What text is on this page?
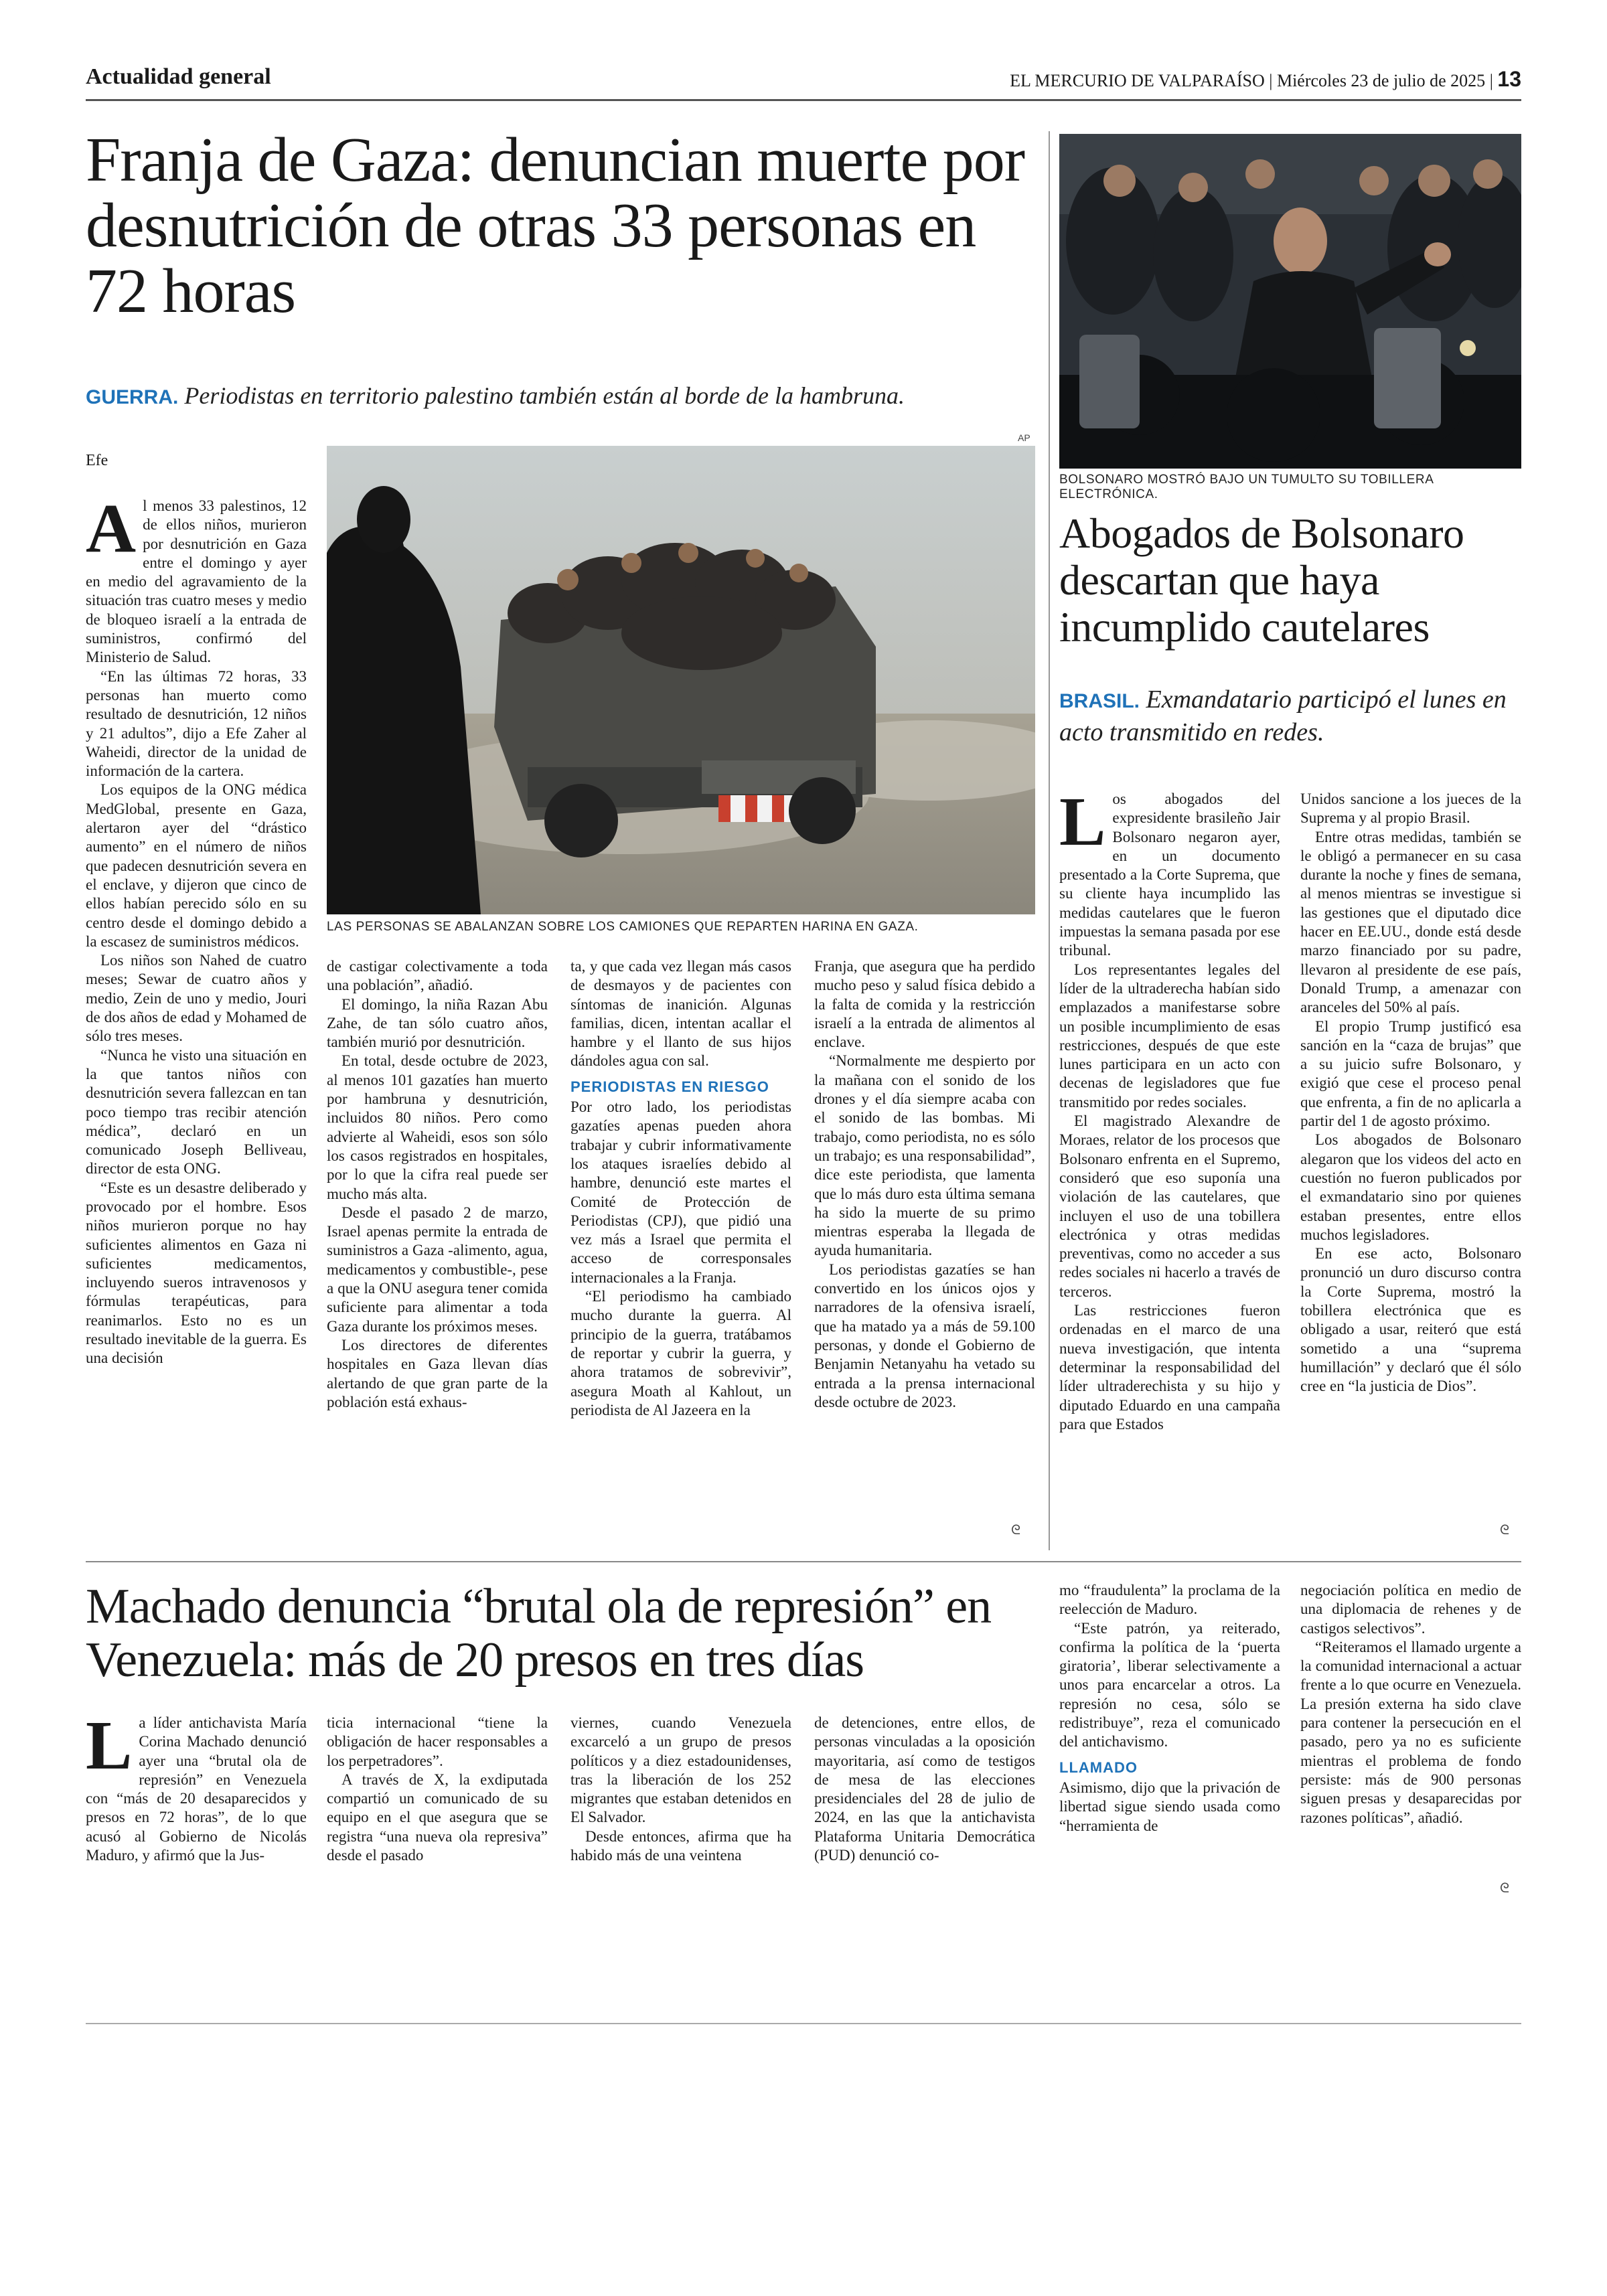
Actualidad general	EL MERCURIO DE VALPARAÍSO | Miércoles 23 de julio de 2025 | 13
Franja de Gaza: denuncian muerte por desnutrición de otras 33 personas en 72 horas
GUERRA. Periodistas en territorio palestino también están al borde de la hambruna.
Efe
AP
LAS PERSONAS SE ABALANZAN SOBRE LOS CAMIONES QUE REPARTEN HARINA EN GAZA.

Al menos 33 palestinos, 12 de ellos niños, murieron por desnutrición en Gaza entre el domingo y ayer en medio del agravamiento de la situación tras cuatro meses y medio de bloqueo israelí a la entrada de suministros, confirmó del Ministerio de Salud.

“En las últimas 72 horas, 33 personas han muerto como resultado de desnutrición, 12 niños y 21 adultos”, dijo a Efe Zaher al Waheidi, director de la unidad de información de la cartera.

Los equipos de la ONG médica MedGlobal, presente en Gaza, alertaron ayer del “drástico aumento” en el número de niños que padecen desnutrición severa en el enclave, y dijeron que cinco de ellos habían perecido sólo en su centro desde el domingo debido a la escasez de suministros médicos.

Los niños son Nahed de cuatro meses; Sewar de cuatro años y medio, Zein de uno y medio, Jouri de dos años de edad y Mohamed de sólo tres meses.

“Nunca he visto una situación en la que tantos niños con desnutrición severa fallezcan en tan poco tiempo tras recibir atención médica”, declaró en un comunicado Joseph Belliveau, director de esta ONG.

“Este es un desastre deliberado y provocado por el hombre. Esos niños murieron porque no hay suficientes alimentos en Gaza ni suficientes medicamentos, incluyendo sueros intravenosos y fórmulas terapéuticas, para reanimarlos. Esto no es un resultado inevitable de la guerra. Es una decisión

de castigar colectivamente a toda una población”, añadió.

El domingo, la niña Razan Abu Zahe, de tan sólo cuatro años, también murió por desnutrición.

En total, desde octubre de 2023, al menos 101 gazatíes han muerto por hambruna y desnutrición, incluidos 80 niños. Pero como advierte al Waheidi, esos son sólo los casos registrados en hospitales, por lo que la cifra real puede ser mucho más alta.

Desde el pasado 2 de marzo, Israel apenas permite la entrada de suministros a Gaza -alimento, agua, medicamentos y combustible-, pese a que la ONU asegura tener comida suficiente para alimentar a toda Gaza durante los próximos meses.

Los directores de diferentes hospitales en Gaza llevan días alertando de que gran parte de la población está exhaus-

ta, y que cada vez llegan más casos de desmayos y de pacientes con síntomas de inanición. Algunas familias, dicen, intentan acallar el hambre y el llanto de sus hijos dándoles agua con sal.

PERIODISTAS EN RIESGO

Por otro lado, los periodistas gazatíes apenas pueden ahora trabajar y cubrir informativamente los ataques israelíes debido al hambre, denunció este martes el Comité de Protección de Periodistas (CPJ), que pidió una vez más a Israel que permita el acceso de corresponsales internacionales a la Franja.

“El periodismo ha cambiado mucho durante la guerra. Al principio de la guerra, tratábamos de reportar y cubrir la guerra, y ahora tratamos de sobrevivir”, asegura Moath al Kahlout, un periodista de Al Jazeera en la

Franja, que asegura que ha perdido mucho peso y salud física debido a la falta de comida y la restricción israelí a la entrada de alimentos al enclave.

“Normalmente me despierto por la mañana con el sonido de los drones y el día siempre acaba con el sonido de las bombas. Mi trabajo, como periodista, no es sólo un trabajo; es una responsabilidad”, dice este periodista, que lamenta que lo más duro esta última semana ha sido la muerte de su primo mientras esperaba la llegada de ayuda humanitaria.

Los periodistas gazatíes se han convertido en los únicos ojos y narradores de la ofensiva israelí, que ha matado ya a más de 59.100 personas, y donde el Gobierno de Benjamin Netanyahu ha vetado su entrada a la prensa internacional desde octubre de 2023.

ᘓ
BOLSONARO MOSTRÓ BAJO UN TUMULTO SU TOBILLERA ELECTRÓNICA.
Abogados de Bolsonaro descartan que haya incumplido cautelares
BRASIL. Exmandatario participó el lunes en acto transmitido en redes.

Los abogados del expresidente brasileño Jair Bolsonaro negaron ayer, en un documento presentado a la Corte Suprema, que su cliente haya incumplido las medidas cautelares que le fueron impuestas la semana pasada por ese tribunal.

Los representantes legales del líder de la ultraderecha habían sido emplazados a manifestarse sobre un posible incumplimiento de esas restricciones, después de que este lunes participara en un acto con decenas de legisladores que fue transmitido por redes sociales.

El magistrado Alexandre de Moraes, relator de los procesos que Bolsonaro enfrenta en el Supremo, consideró que eso suponía una violación de las cautelares, que incluyen el uso de una tobillera electrónica y otras medidas preventivas, como no acceder a sus redes sociales ni hacerlo a través de terceros.

Las restricciones fueron ordenadas en el marco de una nueva investigación, que intenta determinar la responsabilidad del líder ultraderechista y su hijo y diputado Eduardo en una campaña para que Estados

Unidos sancione a los jueces de la Suprema y al propio Brasil.

Entre otras medidas, también se le obligó a permanecer en su casa durante la noche y fines de semana, al menos mientras se investigue si las gestiones que el diputado dice hacer en EE.UU., donde está desde marzo financiado por su padre, llevaron al presidente de ese país, Donald Trump, a amenazar con aranceles del 50% al país.

El propio Trump justificó esa sanción en la “caza de brujas” que a su juicio sufre Bolsonaro, y exigió que cese el proceso penal que enfrenta, a fin de no aplicarla a partir del 1 de agosto próximo.

Los abogados de Bolsonaro alegaron que los videos del acto en cuestión no fueron publicados por el exmandatario sino por quienes estaban presentes, entre ellos muchos legisladores.

En ese acto, Bolsonaro pronunció un duro discurso contra la Corte Suprema, mostró la tobillera electrónica que es obligado a usar, reiteró que está sometido a una “suprema humillación” y declaró que él sólo cree en “la justicia de Dios”.

ᘓ
Machado denuncia “brutal ola de represión” en Venezuela: más de 20 presos en tres días

La líder antichavista María Corina Machado denunció ayer una “brutal ola de represión” en Venezuela con “más de 20 desaparecidos y presos en 72 horas”, de lo que acusó al Gobierno de Nicolás Maduro, y afirmó que la Jus-

ticia internacional “tiene la obligación de hacer responsables a los perpetradores”.

A través de X, la exdiputada compartió un comunicado de su equipo en el que asegura que se registra “una nueva ola represiva” desde el pasado

viernes, cuando Venezuela excarceló a un grupo de presos políticos y a diez estadounidenses, tras la liberación de los 252 migrantes que estaban detenidos en El Salvador.

Desde entonces, afirma que ha habido más de una veintena

de detenciones, entre ellos, de personas vinculadas a la oposición mayoritaria, así como de testigos de mesa de las elecciones presidenciales del 28 de julio de 2024, en las que la antichavista Plataforma Unitaria Democrática (PUD) denunció co-

mo “fraudulenta” la proclama de la reelección de Maduro.

“Este patrón, ya reiterado, confirma la política de la ‘puerta giratoria’, liberar selectivamente a unos para encarcelar a otros. La represión no cesa, sólo se redistribuye”, reza el comunicado del antichavismo.

LLAMADO

Asimismo, dijo que la privación de libertad sigue siendo usada como “herramienta de

negociación política en medio de una diplomacia de rehenes y de castigos selectivos”.

“Reiteramos el llamado urgente a la comunidad internacional a actuar frente a lo que ocurre en Venezuela. La presión externa ha sido clave para contener la persecución en el pasado, pero ya no es suficiente mientras el problema de fondo persiste: más de 900 personas siguen presas y desaparecidas por razones políticas”, añadió.

ᘓ
